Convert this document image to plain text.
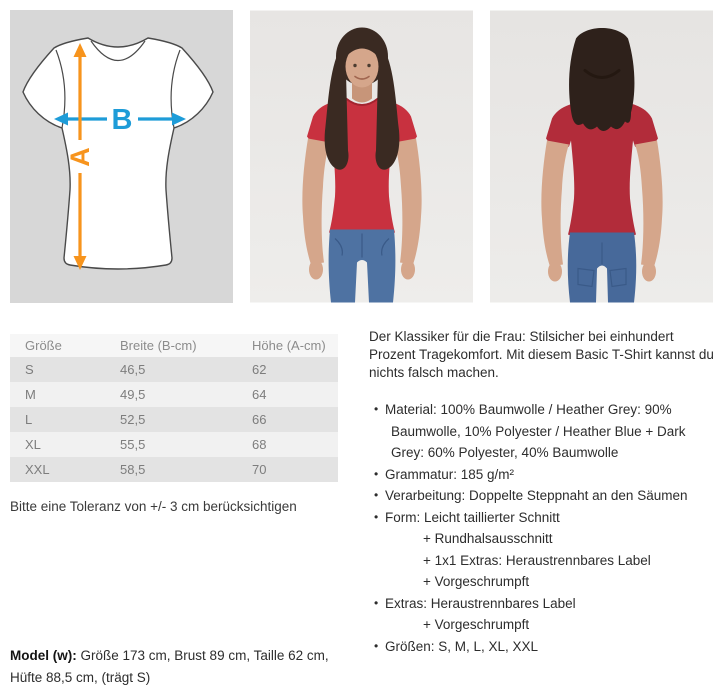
B
A
Größe	Breite (B-cm)	Höhe (A-cm)
S	46,5	62
M	49,5	64
L	52,5	66
XL	55,5	68
XXL	58,5	70

Bitte eine Toleranz von +/- 3 cm berücksichtigen

Model (w): Größe 173 cm, Brust 89 cm, Taille 62 cm, Hüfte 88,5 cm, (trägt S)

Der Klassiker für die Frau: Stilsicher bei einhundert Prozent Tragekomfort. Mit diesem Basic T-Shirt kannst du nichts falsch machen.

• Material: 100% Baumwolle / Heather Grey: 90% Baumwolle, 10% Polyester / Heather Blue + Dark Grey: 60% Polyester, 40% Baumwolle
• Grammatur: 185 g/m²
• Verarbeitung: Doppelte Steppnaht an den Säumen
• Form: Leicht taillierter Schnitt
+ Rundhalsausschnitt
+ 1x1 Extras: Heraustrennbares Label
+ Vorgeschrumpft
• Extras: Heraustrennbares Label
+ Vorgeschrumpft
• Größen: S, M, L, XL, XXL
